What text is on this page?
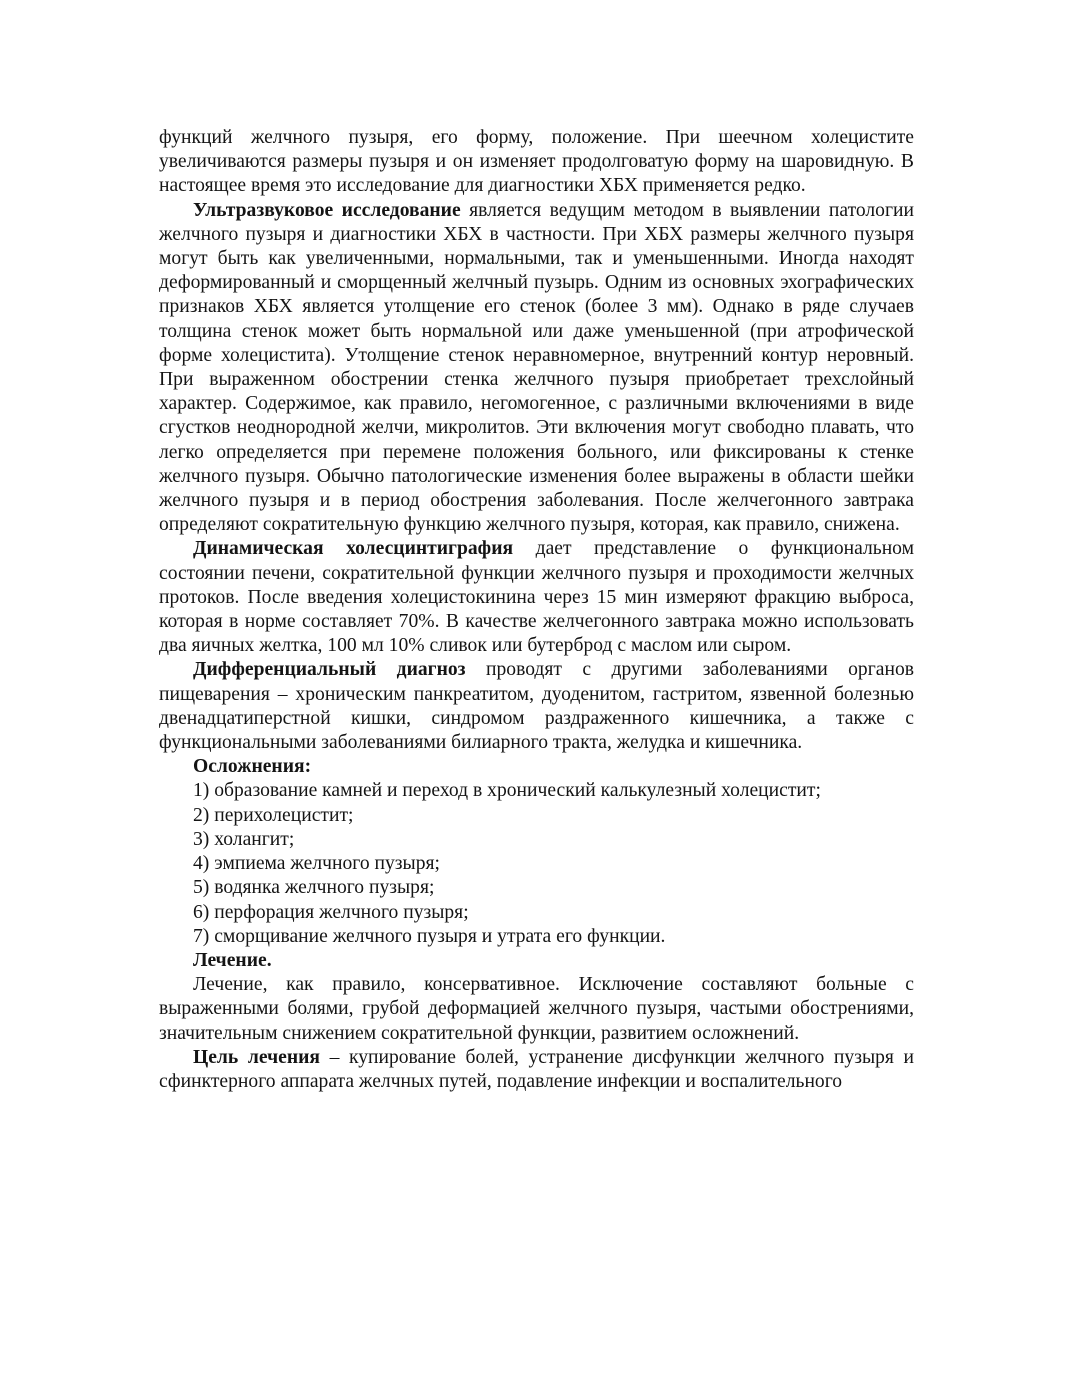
функций желчного пузыря, его форму, положение. При шеечном холецистите увеличиваются размеры пузыря и он изменяет продолговатую форму на шаровидную. В настоящее время это исследование для диагностики ХБХ применяется редко.

Ультразвуковое исследование является ведущим методом в выявлении патологии желчного пузыря и диагностики ХБХ в частности. При ХБХ размеры желчного пузыря могут быть как увеличенными, нормальными, так и уменьшенными. Иногда находят деформированный и сморщенный желчный пузырь. Одним из основных эхографических признаков ХБХ является утолщение его стенок (более 3 мм). Однако в ряде случаев толщина стенок может быть нормальной или даже уменьшенной (при атрофической форме холецистита). Утолщение стенок неравномерное, внутренний контур неровный. При выраженном обострении стенка желчного пузыря приобретает трехслойный характер. Содержимое, как правило, негомогенное, с различными включениями в виде сгустков неоднородной желчи, микролитов. Эти включения могут свободно плавать, что легко определяется при перемене положения больного, или фиксированы к стенке желчного пузыря. Обычно патологические изменения более выражены в области шейки желчного пузыря и в период обострения заболевания. После желчегонного завтрака определяют сократительную функцию желчного пузыря, которая, как правило, снижена.

Динамическая холесцинтиграфия дает представление о функциональном состоянии печени, сократительной функции желчного пузыря и проходимости желчных протоков. После введения холецистокинина через 15 мин измеряют фракцию выброса, которая в норме составляет 70%. В качестве желчегонного завтрака можно использовать два яичных желтка, 100 мл 10% сливок или бутерброд с маслом или сыром.

Дифференциальный диагноз проводят с другими заболеваниями органов пищеварения – хроническим панкреатитом, дуоденитом, гастритом, язвенной болезнью двенадцатиперстной кишки, синдромом раздраженного кишечника, а также с функциональными заболеваниями билиарного тракта, желудка и кишечника.

Осложнения:

1) образование камней и переход в хронический калькулезный холецистит;
2) перихолецистит;
3) холангит;
4) эмпиема желчного пузыря;
5) водянка желчного пузыря;
6) перфорация желчного пузыря;
7) сморщивание желчного пузыря и утрата его функции.

Лечение.

Лечение, как правило, консервативное. Исключение составляют больные с выраженными болями, грубой деформацией желчного пузыря, частыми обострениями, значительным снижением сократительной функции, развитием осложнений.

Цель лечения – купирование болей, устранение дисфункции желчного пузыря и сфинктерного аппарата желчных путей, подавление инфекции и воспалительного
